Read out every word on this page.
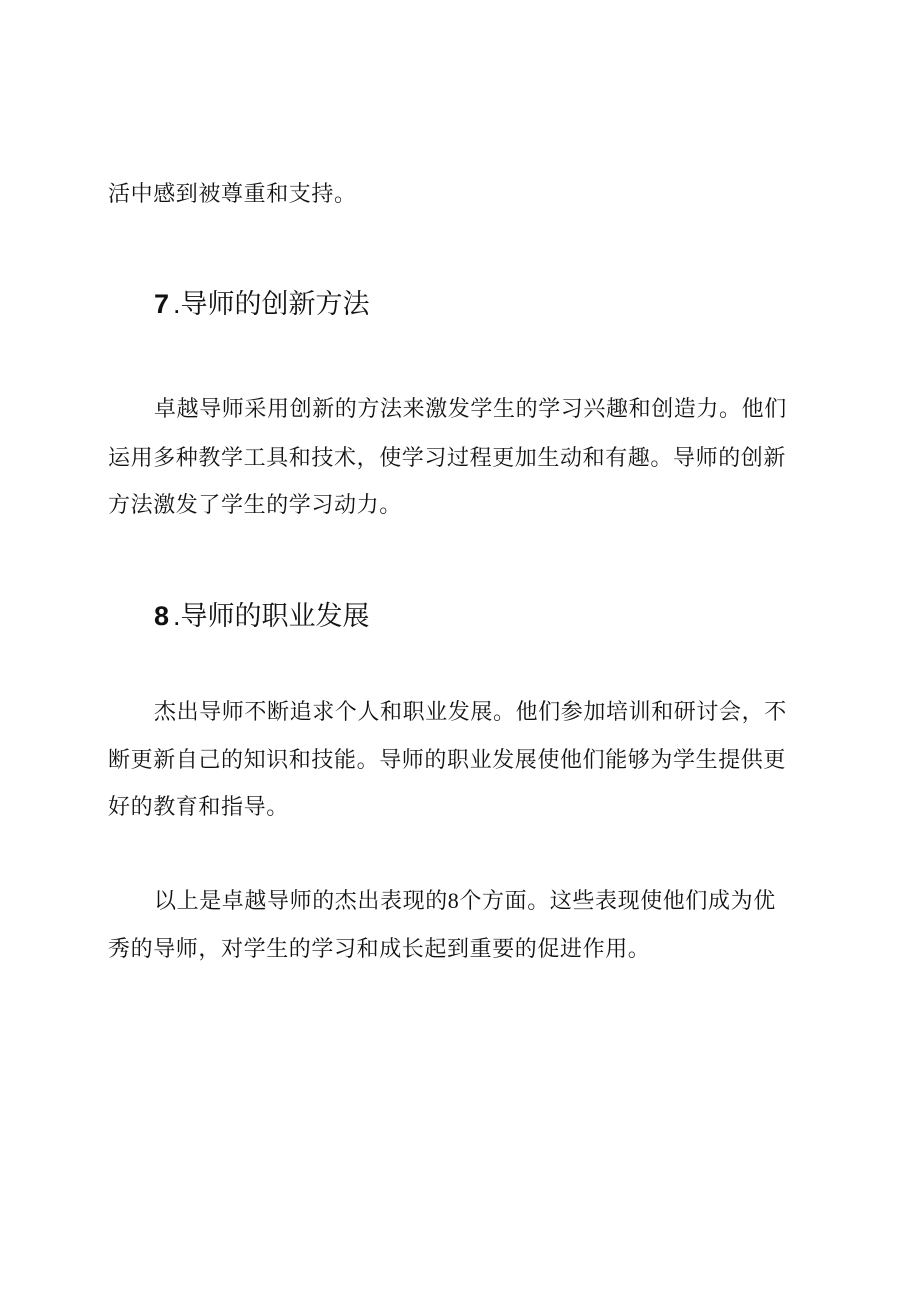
活中感到被尊重和支持。
7 .导师的创新方法
卓越导师采用创新的方法来激发学生的学习兴趣和创造力。他们
运用多种教学工具和技术，使学习过程更加生动和有趣。导师的创新
方法激发了学生的学习动力。
8 .导师的职业发展
杰出导师不断追求个人和职业发展。他们参加培训和研讨会，不
断更新自己的知识和技能。导师的职业发展使他们能够为学生提供更
好的教育和指导。
以上是卓越导师的杰出表现的8个方面。这些表现使他们成为优
秀的导师，对学生的学习和成长起到重要的促进作用。
